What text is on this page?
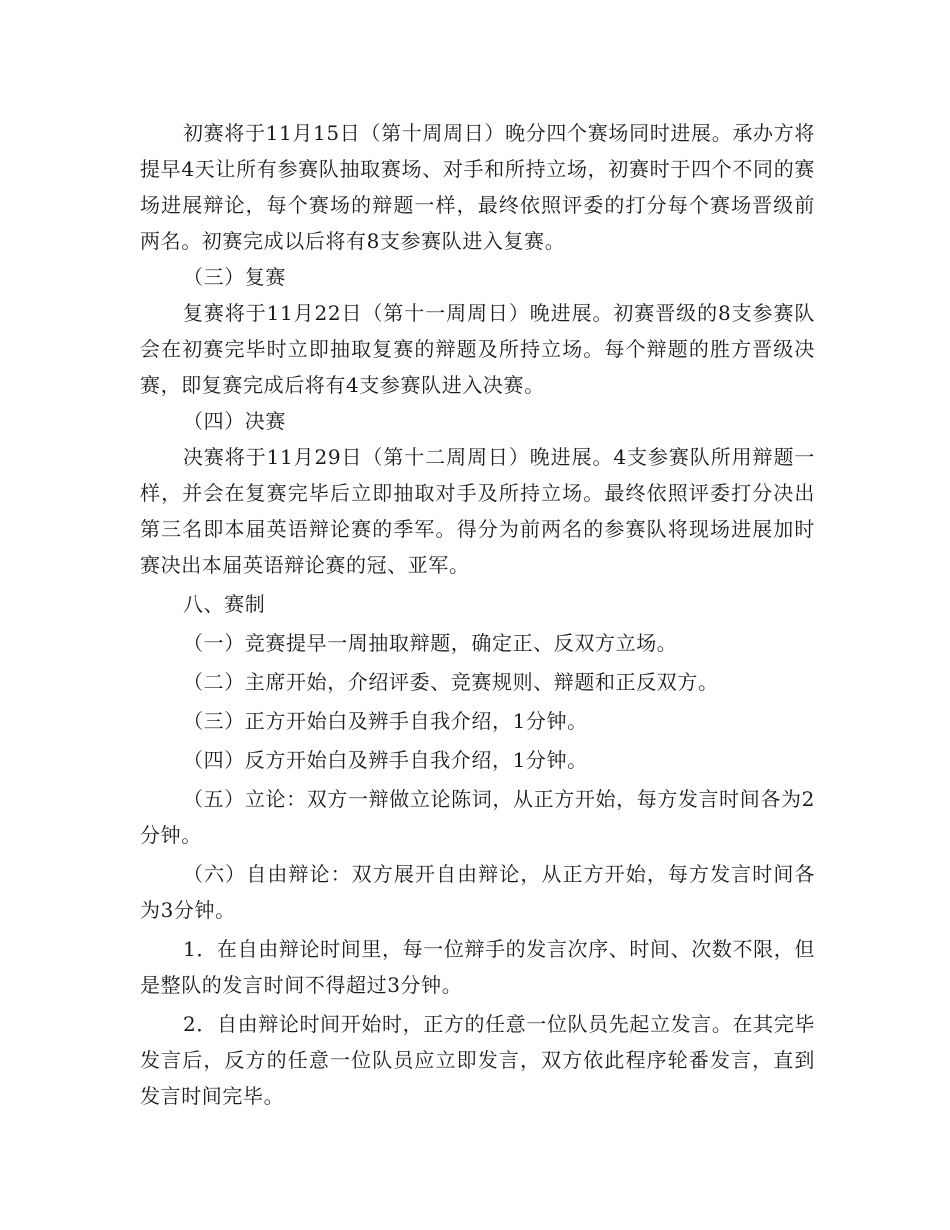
初赛将于11月15日（第十周周日）晚分四个赛场同时进展。承办方将提早4天让所有参赛队抽取赛场、对手和所持立场，初赛时于四个不同的赛场进展辩论，每个赛场的辩题一样，最终依照评委的打分每个赛场晋级前两名。初赛完成以后将有8支参赛队进入复赛。

（三）复赛

复赛将于11月22日（第十一周周日）晚进展。初赛晋级的8支参赛队会在初赛完毕时立即抽取复赛的辩题及所持立场。每个辩题的胜方晋级决赛，即复赛完成后将有4支参赛队进入决赛。

（四）决赛

决赛将于11月29日（第十二周周日）晚进展。4支参赛队所用辩题一样，并会在复赛完毕后立即抽取对手及所持立场。最终依照评委打分决出第三名即本届英语辩论赛的季军。得分为前两名的参赛队将现场进展加时赛决出本届英语辩论赛的冠、亚军。

八、赛制

（一）竞赛提早一周抽取辩题，确定正、反双方立场。

（二）主席开始，介绍评委、竞赛规则、辩题和正反双方。

（三）正方开始白及辨手自我介绍，1分钟。

（四）反方开始白及辨手自我介绍，1分钟。

（五）立论：双方一辩做立论陈词，从正方开始，每方发言时间各为2分钟。

（六）自由辩论：双方展开自由辩论，从正方开始，每方发言时间各为3分钟。

1．在自由辩论时间里，每一位辩手的发言次序、时间、次数不限，但是整队的发言时间不得超过3分钟。

2．自由辩论时间开始时，正方的任意一位队员先起立发言。在其完毕发言后，反方的任意一位队员应立即发言，双方依此程序轮番发言，直到发言时间完毕。
